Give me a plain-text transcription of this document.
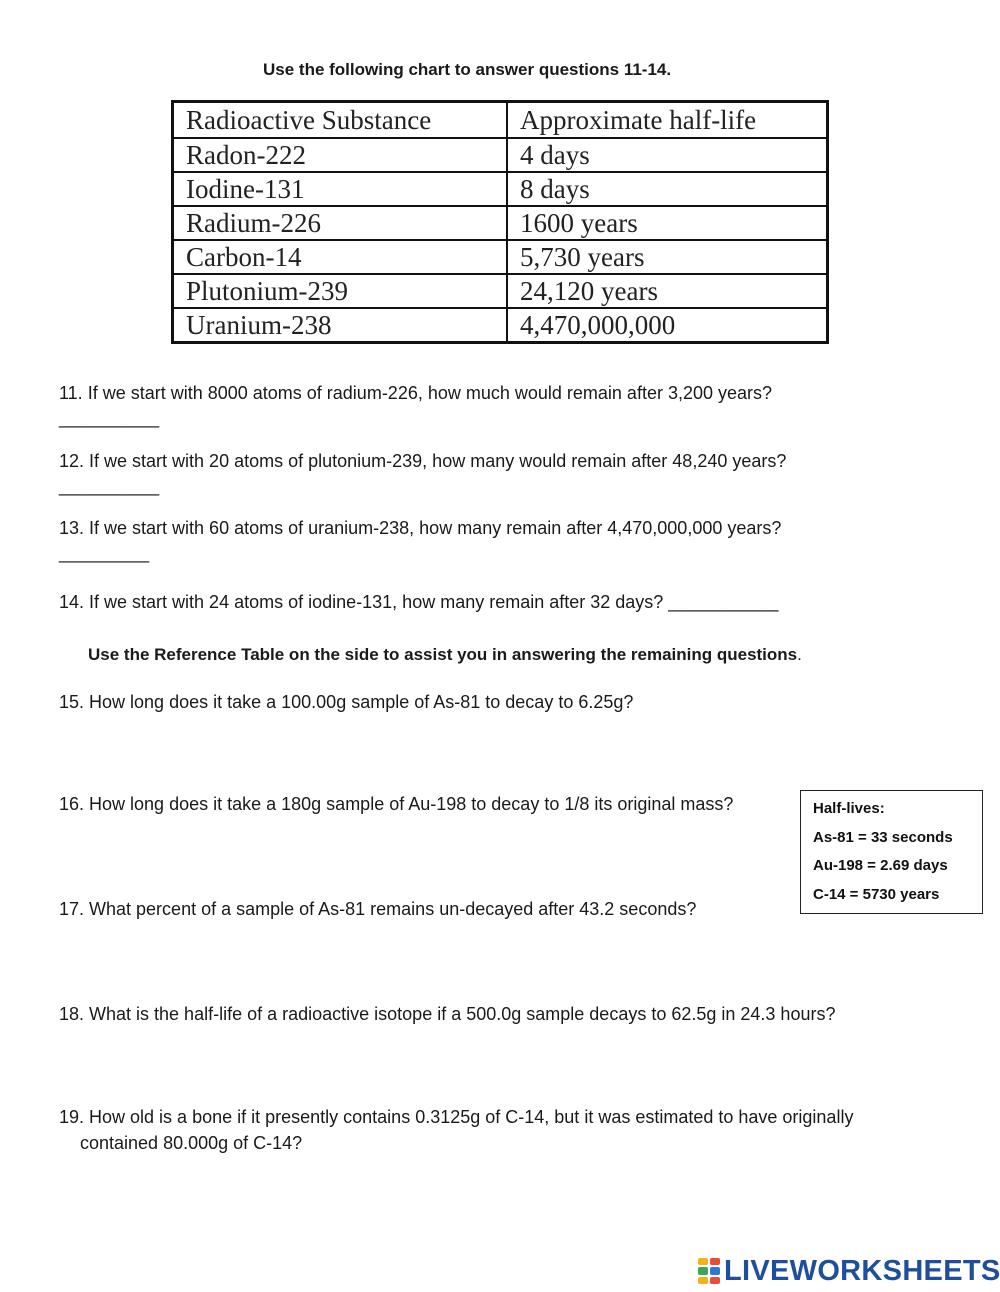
Use the following chart to answer questions 11-14.
Radioactive Substance	Approximate half-life
Radon-222	4 days
Iodine-131	8 days
Radium-226	1600 years
Carbon-14	5,730 years
Plutonium-239	24,120 years
Uranium-238	4,470,000,000
11. If we start with 8000 atoms of radium-226, how much would remain after 3,200 years?
__________
12. If we start with 20 atoms of plutonium-239, how many would remain after 48,240 years?
__________
13. If we start with 60 atoms of uranium-238, how many remain after 4,470,000,000 years?
_________
14. If we start with 24 atoms of iodine-131, how many remain after 32 days? ___________
Use the Reference Table on the side to assist you in answering the remaining questions.
15. How long does it take a 100.00g sample of As-81 to decay to 6.25g?
16. How long does it take a 180g sample of Au-198 to decay to 1/8 its original mass?	Half-lives:
As-81 = 33 seconds
Au-198 = 2.69 days
C-14 = 5730 years
17. What percent of a sample of As-81 remains un-decayed after 43.2 seconds?
18. What is the half-life of a radioactive isotope if a 500.0g sample decays to 62.5g in 24.3 hours?
19. How old is a bone if it presently contains 0.3125g of C-14, but it was estimated to have originally
contained 80.000g of C-14?
LIVEWORKSHEETS
